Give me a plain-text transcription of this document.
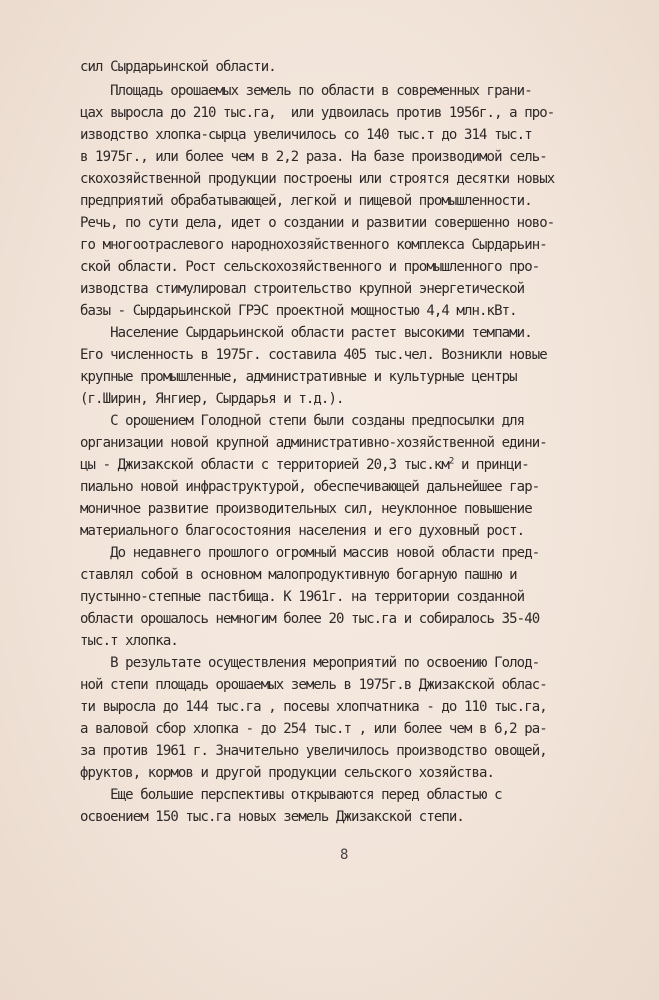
сил Сырдарьинской области.
Площадь орошаемых земель по области в современных грани-
цах выросла до 210 тыс.га,  или удвоилась против 1956г., а про-
изводство хлопка-сырца увеличилось со 140 тыс.т до 314 тыс.т
в 1975г., или более чем в 2,2 раза. На базе производимой сель-
скохозяйственной продукции построены или строятся десятки новых
предприятий обрабатывающей, легкой и пищевой промышленности.
Речь, по сути дела, идет о создании и развитии совершенно ново-
го многоотраслевого народнохозяйственного комплекса Сырдарьин-
ской области. Рост сельскохозяйственного и промышленного про-
изводства стимулировал строительство крупной энергетической
базы - Сырдарьинской ГРЭС проектной мощностью 4,4 млн.кВт.
Население Сырдарьинской области растет высокими темпами.
Его численность в 1975г. составила 405 тыс.чел. Возникли новые
крупные промышленные, административные и культурные центры
(г.Ширин, Янгиер, Сырдарья и т.д.).
С орошением Голодной степи были созданы предпосылки для
организации новой крупной административно-хозяйственной едини-
цы - Джизакской области с территорией 20,3 $тыс.км^2$ и принци-
пиально новой инфраструктурой, обеспечивающей дальнейшее гар-
моничное развитие производительных сил, неуклонное повышение
материального благосостояния населения и его духовный рост.
До недавнего прошлого огромный массив новой области пред-
ставлял собой в основном малопродуктивную богарную пашню и
пустынно-степные пастбища. К 1961г. на территории созданной
области орошалось немногим более 20 тыс.га и собиралось 35-40
тыс.т хлопка.
В результате осуществления мероприятий по освоению Голод-
ной степи площадь орошаемых земель в 1975г.в Джизакской облас-
ти выросла до 144 тыс.га , посевы хлопчатника - до 110 тыс.га,
а валовой сбор хлопка - до 254 тыс.т , или более чем в 6,2 ра-
за против 1961 г. Значительно увеличилось производство овощей,
фруктов, кормов и другой продукции сельского хозяйства.
Еще большие перспективы открываются перед областью с
освоением 150 тыс.га новых земель Джизакской степи.
8
